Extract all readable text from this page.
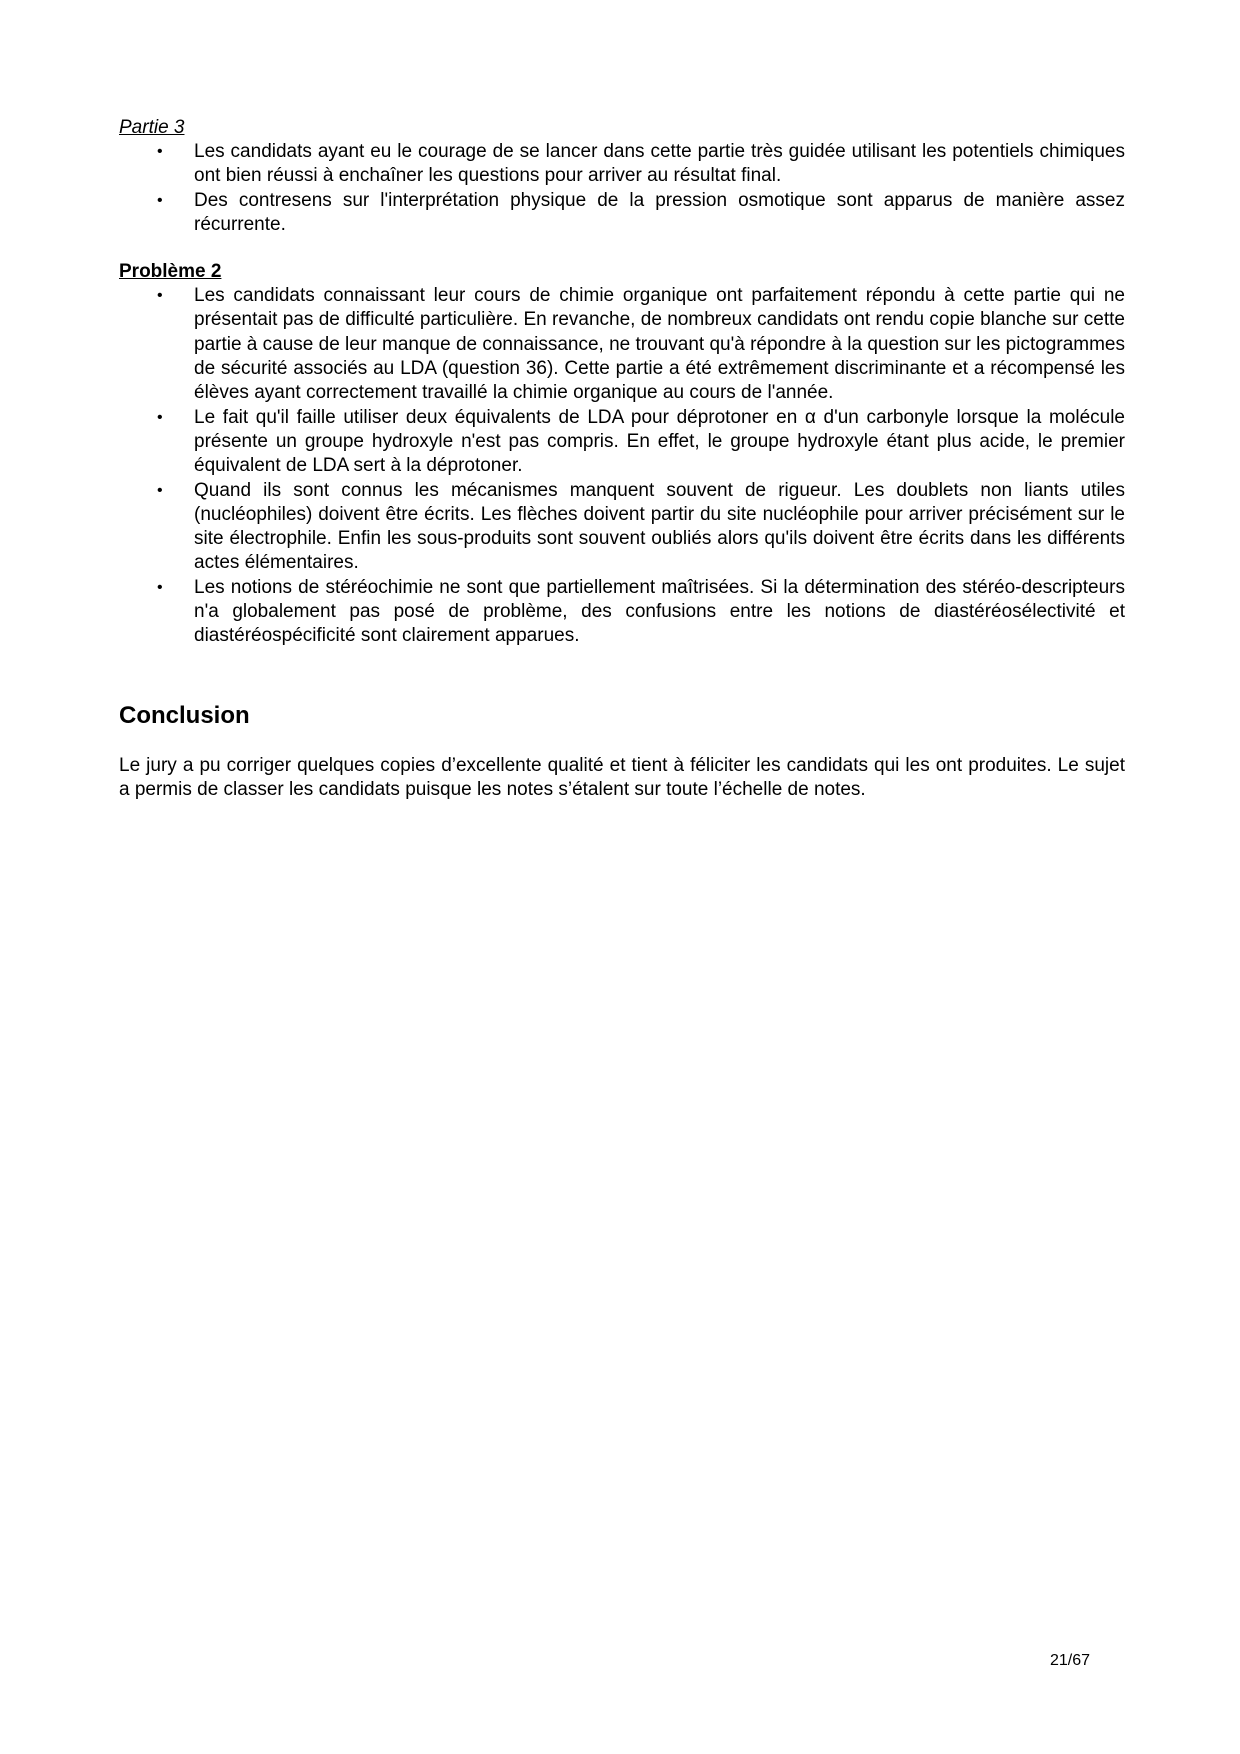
Partie 3

• Les candidats ayant eu le courage de se lancer dans cette partie très guidée utilisant les potentiels chimiques ont bien réussi à enchaîner les questions pour arriver au résultat final.
• Des contresens sur l'interprétation physique de la pression osmotique sont apparus de manière assez récurrente.

Problème 2

• Les candidats connaissant leur cours de chimie organique ont parfaitement répondu à cette partie qui ne présentait pas de difficulté particulière. En revanche, de nombreux candidats ont rendu copie blanche sur cette partie à cause de leur manque de connaissance, ne trouvant qu'à répondre à la question sur les pictogrammes de sécurité associés au LDA (question 36). Cette partie a été extrêmement discriminante et a récompensé les élèves ayant correctement travaillé la chimie organique au cours de l'année.
• Le fait qu'il faille utiliser deux équivalents de LDA pour déprotoner en α d'un carbonyle lorsque la molécule présente un groupe hydroxyle n'est pas compris. En effet, le groupe hydroxyle étant plus acide, le premier équivalent de LDA sert à la déprotoner.
• Quand ils sont connus les mécanismes manquent souvent de rigueur. Les doublets non liants utiles (nucléophiles) doivent être écrits. Les flèches doivent partir du site nucléophile pour arriver précisément sur le site électrophile. Enfin les sous-produits sont souvent oubliés alors qu'ils doivent être écrits dans les différents actes élémentaires.
• Les notions de stéréochimie ne sont que partiellement maîtrisées. Si la détermination des stéréo-descripteurs n'a globalement pas posé de problème, des confusions entre les notions de diastéréosélectivité et diastéréospécificité sont clairement apparues.
Conclusion

Le jury a pu corriger quelques copies d’excellente qualité et tient à féliciter les candidats qui les ont produites. Le sujet a permis de classer les candidats puisque les notes s’étalent sur toute l’échelle de notes.

21/67
